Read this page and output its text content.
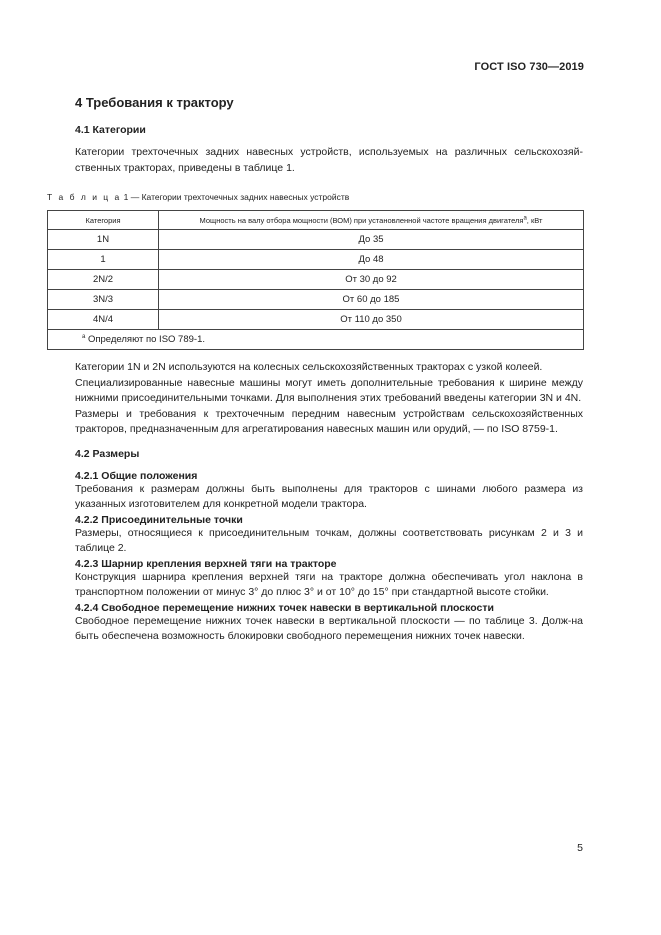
ГОСТ ISO 730—2019
4 Требования к трактору
4.1 Категории

Категории трехточечных задних навесных устройств, используемых на различных сельскохозяй-ственных тракторах, приведены в таблице 1.

Т а б л и ц а 1 — Категории трехточечных задних навесных устройств
Категория	Мощность на валу отбора мощности (ВОМ) при установленной частоте вращения двигателя$^a$, кВт
1N	До 35
1	До 48
2N/2	От 30 до 92
3N/3	От 60 до 185
4N/4	От 110 до 350
$^a$ Определяют по ISO 789-1.	

Категории 1N и 2N используются на колесных сельскохозяйственных тракторах с узкой колеей.

Специализированные навесные машины могут иметь дополнительные требования к ширине между нижними присоединительными точками. Для выполнения этих требований введены категории 3N и 4N.

Размеры и требования к трехточечным передним навесным устройствам сельскохозяйственных тракторов, предназначенным для агрегатирования навесных машин или орудий, — по ISO 8759-1.

4.2 Размеры
4.2.1 Общие положения

Требования к размерам должны быть выполнены для тракторов с шинами любого размера из указанных изготовителем для конкретной модели трактора.

4.2.2 Присоединительные точки

Размеры, относящиеся к присоединительным точкам, должны соответствовать рисункам 2 и 3 и таблице 2.

4.2.3 Шарнир крепления верхней тяги на тракторе

Конструкция шарнира крепления верхней тяги на тракторе должна обеспечивать угол наклона в транспортном положении от минус 3° до плюс 3° и от 10° до 15° при стандартной высоте стойки.

4.2.4 Свободное перемещение нижних точек навески в вертикальной плоскости

Свободное перемещение нижних точек навески в вертикальной плоскости — по таблице 3. Долж-на быть обеспечена возможность блокировки свободного перемещения нижних точек навески.

5
